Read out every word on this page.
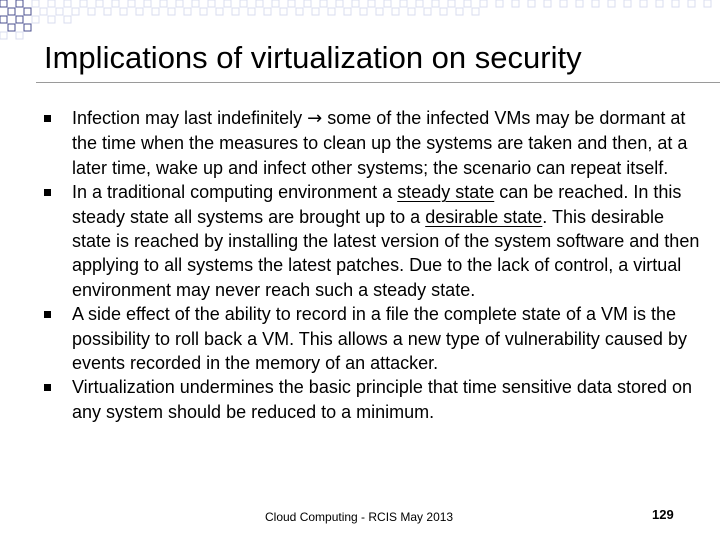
Implications of virtualization on security
Infection may last indefinitely → some of the infected VMs may be dormant at the time when the measures to clean up the systems are taken and then, at a later time, wake up and infect other systems; the scenario can repeat itself.
In a traditional computing environment a steady state can be reached. In this steady state all systems are brought up to a desirable state. This desirable state is reached by installing the latest version of the system software and then applying to all systems the latest patches. Due to the lack of control, a virtual environment may never reach such a steady state.
A side effect of the ability to record in a file the complete state of a VM is the possibility to roll back a VM. This allows a new type of vulnerability caused by events recorded in the memory of an attacker.
Virtualization undermines the basic principle that time sensitive data stored on any system should be reduced to a minimum.
Cloud Computing - RCIS May 2013	129
